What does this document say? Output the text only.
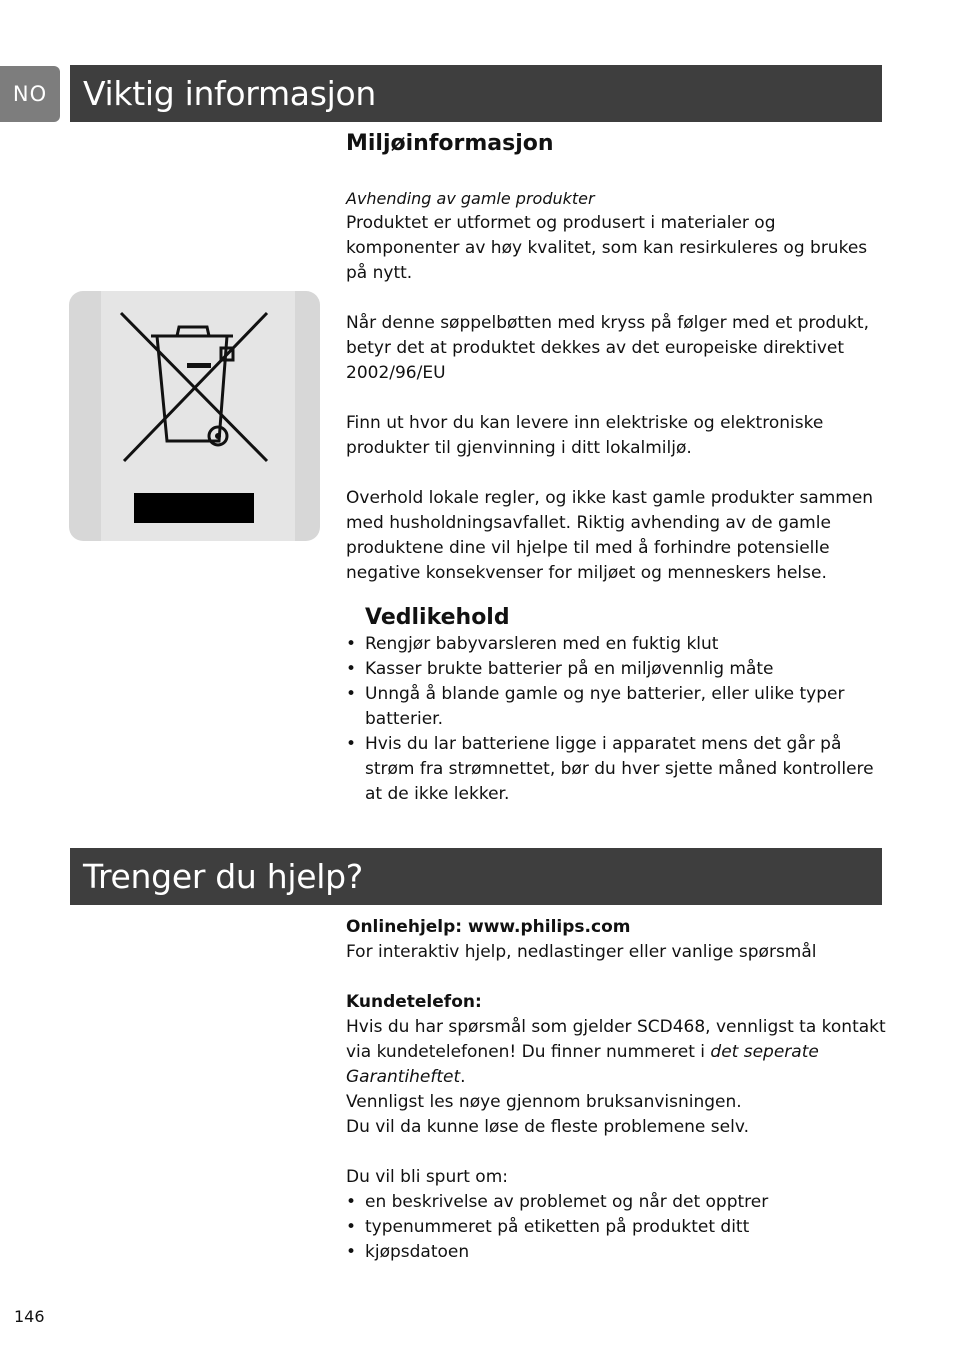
NO	Viktig informasjon

Miljøinformasjon

Avhending av gamle produkter

Produktet er utformet og produsert i materialer og komponenter av høy kvalitet, som kan resirkuleres og brukes på nytt.

Når denne søppelbøtten med kryss på følger med et produkt, betyr det at produktet dekkes av det europeiske direktivet 2002/96/EU

Finn ut hvor du kan levere inn elektriske og elektroniske produkter til gjenvinning i ditt lokalmiljø.

Overhold lokale regler, og ikke kast gamle produkter sammen med husholdningsavfallet. Riktig avhending av de gamle produktene dine vil hjelpe til med å forhindre potensielle negative konsekvenser for miljøet og menneskers helse.

Vedlikehold

• Rengjør babyvarsleren med en fuktig klut
• Kasser brukte batterier på en miljøvennlig måte
• Unngå å blande gamle og nye batterier, eller ulike typer batterier.
• Hvis du lar batteriene ligge i apparatet mens det går på strøm fra strømnettet, bør du hver sjette måned kontrollere at de ikke lekker.
Trenger du hjelp?

Onlinehjelp: www.philips.com

For interaktiv hjelp, nedlastinger eller vanlige spørsmål

Kundetelefon:

Hvis du har spørsmål som gjelder SCD468, vennligst ta kontakt via kundetelefonen! Du finner nummeret i det seperate Garantiheftet.

Vennligst les nøye gjennom bruksanvisningen.

Du vil da kunne løse de fleste problemene selv.

Du vil bli spurt om:

• en beskrivelse av problemet og når det opptrer
• typenummeret på etiketten på produktet ditt
• kjøpsdatoen
146
